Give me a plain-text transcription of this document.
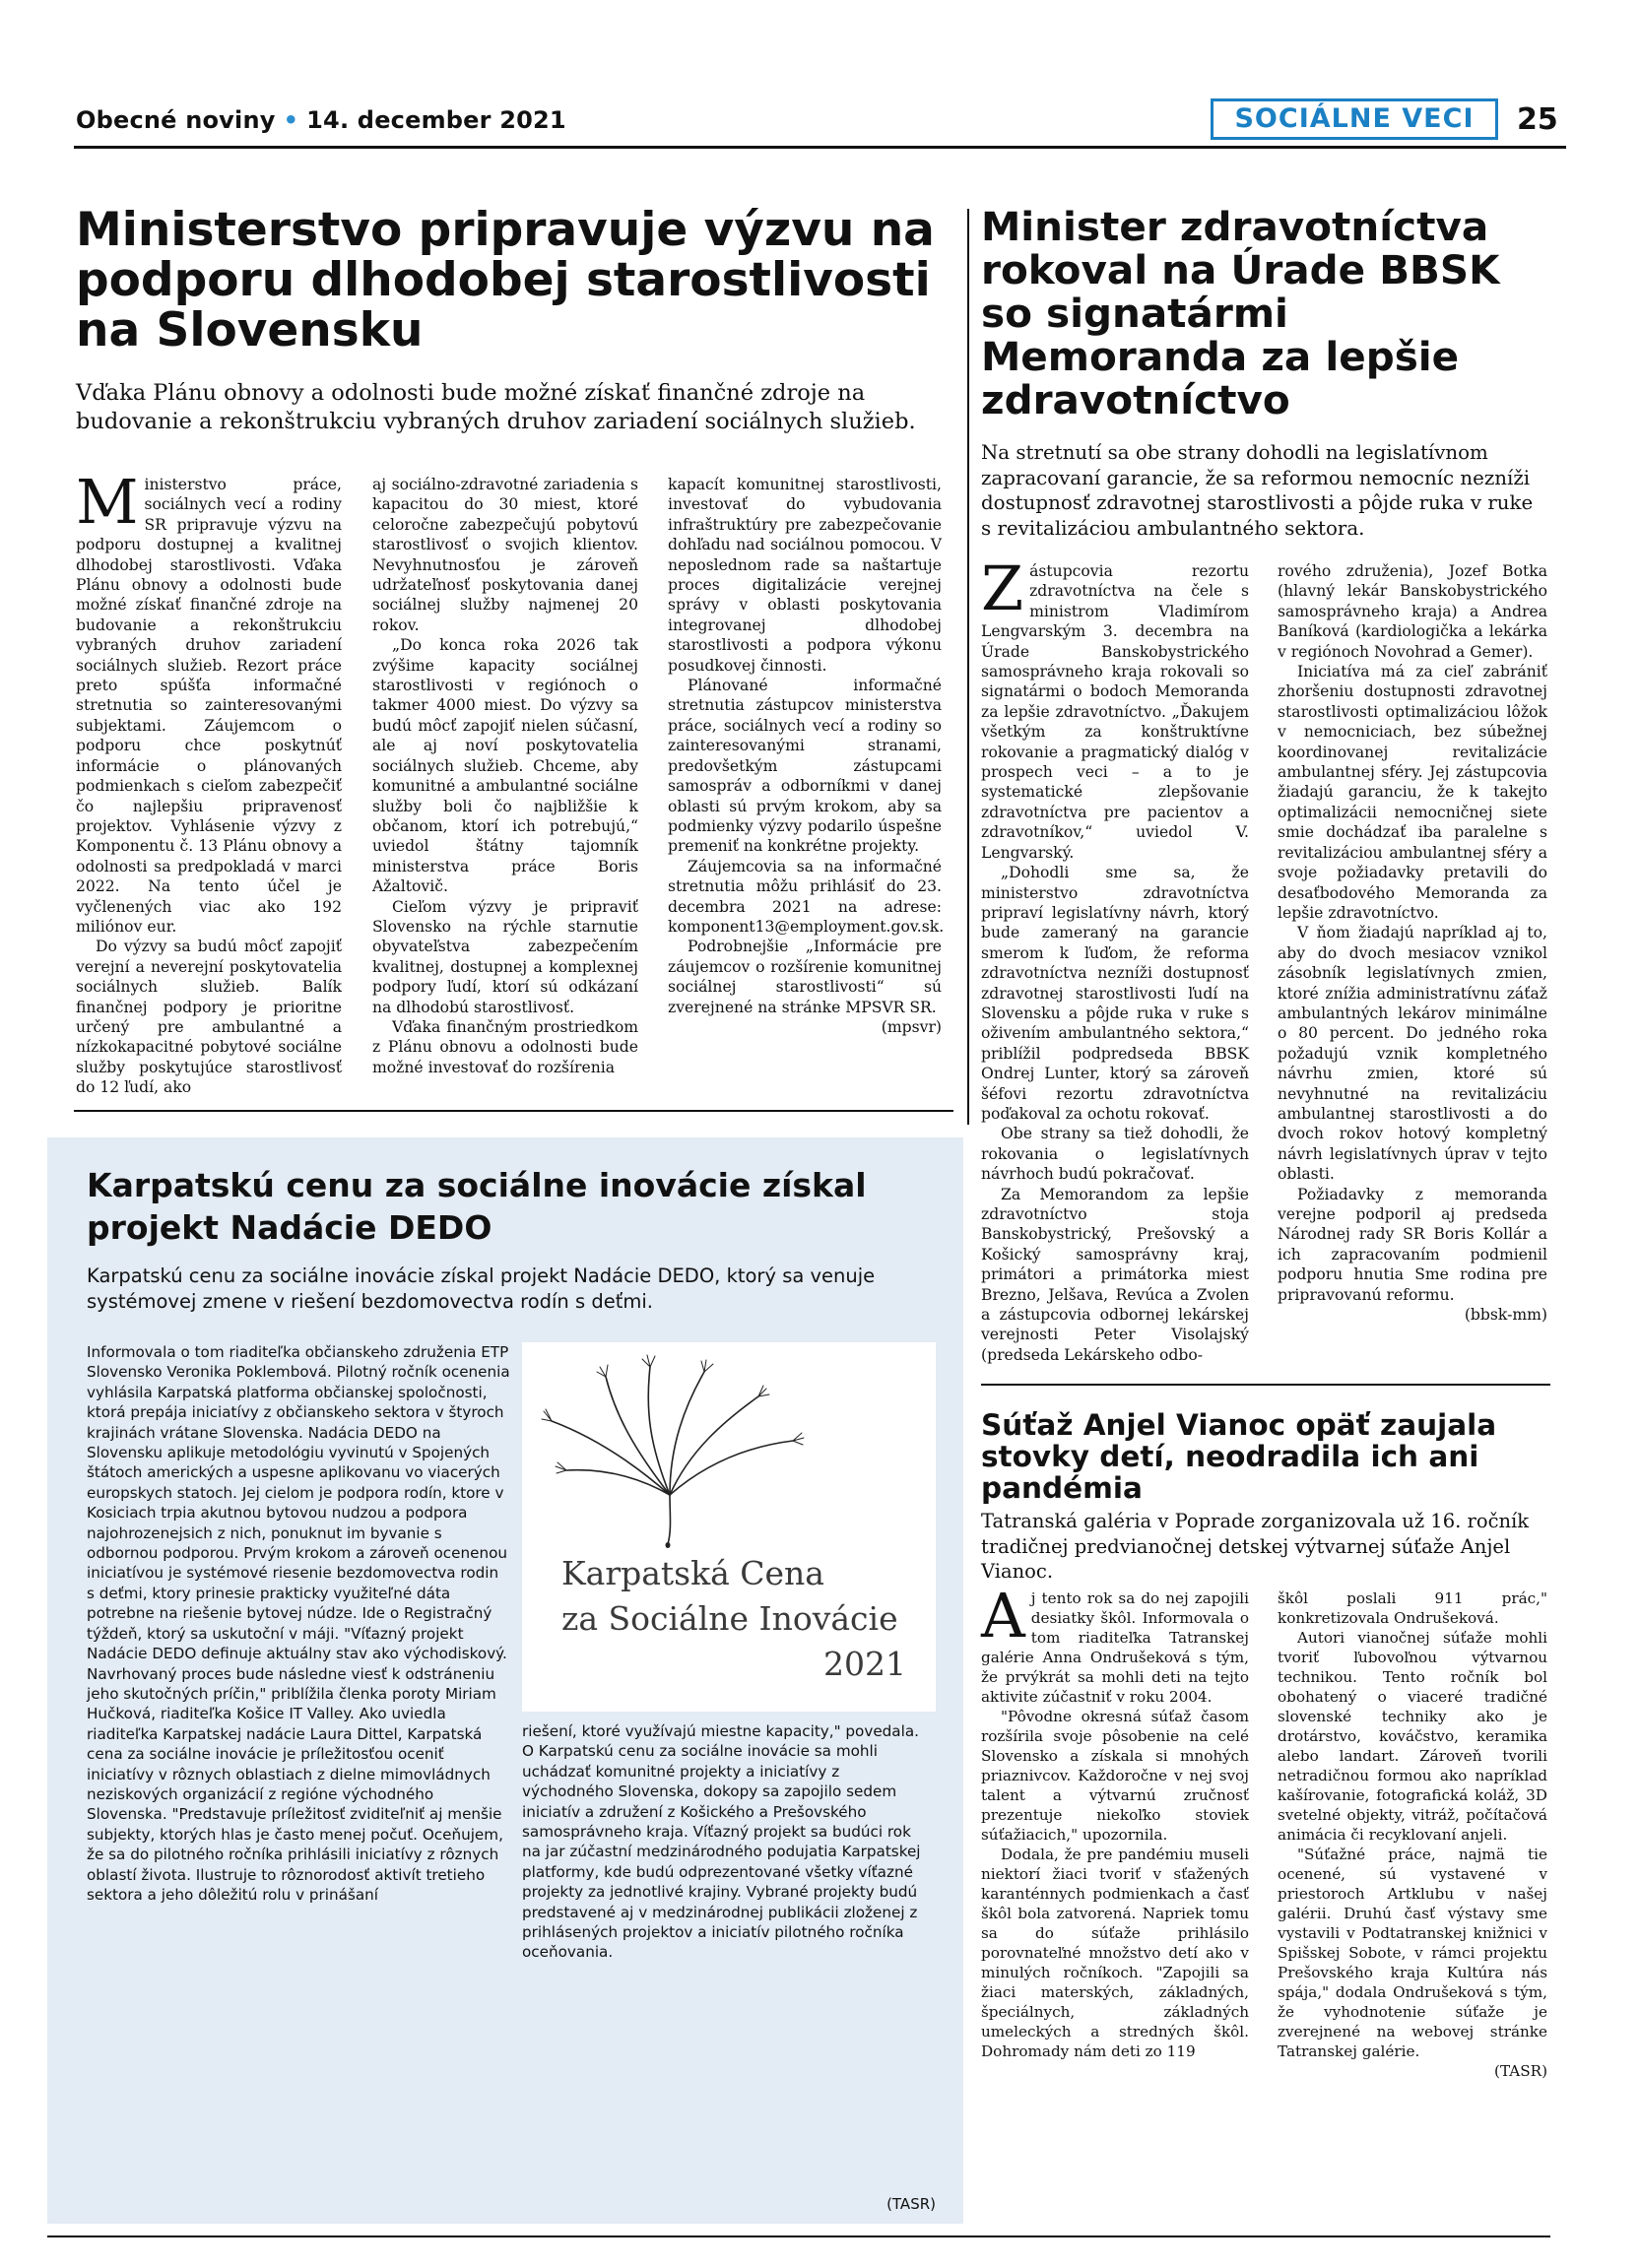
Obecné noviny • 14. december 2021	SOCIÁLNE VECI	25
Ministerstvo pripravuje výzvu na podporu dlhodobej starostlivosti na Slovensku
Vďaka Plánu obnovy a odolnosti bude možné získať finančné zdroje na budovanie a rekonštrukciu vybraných druhov zariadení sociálnych služieb.

Ministerstvo práce, sociálnych vecí a rodiny SR pripravuje výzvu na podporu dostupnej a kvalitnej dlhodobej starostlivosti. Vďaka Plánu obnovy a odolnosti bude možné získať finančné zdroje na budovanie a rekonštrukciu vybraných druhov zariadení sociálnych služieb. Rezort práce preto spúšťa informačné stretnutia so zainteresovanými subjektami. Záujemcom o podporu chce poskytnúť informácie o plánovaných podmienkach s cieľom zabezpečiť čo najlepšiu pripravenosť projektov. Vyhlásenie výzvy z Komponentu č. 13 Plánu obnovy a odolnosti sa predpokladá v marci 2022. Na tento účel je vyčlenených viac ako 192 miliónov eur.

Do výzvy sa budú môcť zapojiť verejní a neverejní poskytovatelia sociálnych služieb. Balík finančnej podpory je prioritne určený pre ambulantné a nízkokapacitné pobytové sociálne služby poskytujúce starostlivosť do 12 ľudí, ako

aj sociálno-zdravotné zariadenia s kapacitou do 30 miest, ktoré celoročne zabezpečujú pobytovú starostlivosť o svojich klientov. Nevyhnutnosťou je zároveň udržateľnosť poskytovania danej sociálnej služby najmenej 20 rokov.

„Do konca roka 2026 tak zvýšime kapacity sociálnej starostlivosti v regiónoch o takmer 4000 miest. Do výzvy sa budú môcť zapojiť nielen súčasní, ale aj noví poskytovatelia sociálnych služieb. Chceme, aby komunitné a ambulantné sociálne služby boli čo najbližšie k občanom, ktorí ich potrebujú,“ uviedol štátny tajomník ministerstva práce Boris Ažaltovič.

Cieľom výzvy je pripraviť Slovensko na rýchle starnutie obyvateľstva zabezpečením kvalitnej, dostupnej a komplexnej podpory ľudí, ktorí sú odkázaní na dlhodobú starostlivosť.

Vďaka finančným prostriedkom z Plánu obnovu a odolnosti bude možné investovať do rozšírenia

kapacít komunitnej starostlivosti, investovať do vybudovania infraštruktúry pre zabezpečovanie dohľadu nad sociálnou pomocou. V neposlednom rade sa naštartuje proces digitalizácie verejnej správy v oblasti poskytovania integrovanej dlhodobej starostlivosti a podpora výkonu posudkovej činnosti.

Plánované informačné stretnutia zástupcov ministerstva práce, sociálnych vecí a rodiny so zainteresovanými stranami, predovšetkým zástupcami samospráv a odborníkmi v danej oblasti sú prvým krokom, aby sa podmienky výzvy podarilo úspešne premeniť na konkrétne projekty.

Záujemcovia sa na informačné stretnutia môžu prihlásiť do 23. decembra 2021 na adrese: komponent13@employment.gov.sk.

Podrobnejšie „Informácie pre záujemcov o rozšírenie komunitnej sociálnej starostlivosti“ sú zverejnené na stránke MPSVR SR.

(mpsvr)

Karpatskú cenu za sociálne inovácie získal projekt Nadácie DEDO
Karpatskú cenu za sociálne inovácie získal projekt Nadácie DEDO, ktorý sa venuje systémovej zmene v riešení bezdomovectva rodín s deťmi.

Informovala o tom riaditeľka občianskeho združenia ETP Slovensko Veronika Poklembová. Pilotný ročník ocenenia vyhlásila Karpatská platforma občianskej spoločnosti, ktorá prepája iniciatívy z občianskeho sektora v štyroch krajinách vrátane Slovenska. Nadácia DEDO na Slovensku aplikuje metodológiu vyvinutú v Spojených štátoch amerických a uspesne aplikovanu vo viacerých europskych statoch. Jej cielom je podpora rodín, ktore v Kosiciach trpia akutnou bytovou nudzou a podpora najohrozenejsich z nich, ponuknut im byvanie s odbornou podporou. Prvým krokom a zároveň ocenenou iniciatívou je systémové riesenie bezdomovectva rodin s deťmi, ktory prinesie prakticky využiteľné dáta potrebne na riešenie bytovej núdze. Ide o Registračný týždeň, ktorý sa uskutoční v máji. "Víťazný projekt Nadácie DEDO definuje aktuálny stav ako východiskový. Navrhovaný proces bude následne viesť k odstráneniu jeho skutočných príčin," priblížila členka poroty Miriam Hučková, riaditeľka Košice IT Valley. Ako uviedla riaditeľka Karpatskej nadácie Laura Dittel, Karpatská cena za sociálne inovácie je príležitosťou oceniť iniciatívy v rôznych oblastiach z dielne mimovládnych neziskových organizácií z regióne východného Slovenska. "Predstavuje príležitosť zviditeľniť aj menšie subjekty, ktorých hlas je často menej počuť. Oceňujem, že sa do pilotného ročníka prihlásili iniciatívy z rôznych oblastí života. Ilustruje to rôznorodosť aktivít tretieho sektora a jeho dôležitú rolu v prinášaní

Karpatská Cena
za Sociálne Inovácie
2021

riešení, ktoré využívajú miestne kapacity," povedala.

O Karpatskú cenu za sociálne inovácie sa mohli uchádzať komunitné projekty a iniciatívy z východného Slovenska, dokopy sa zapojilo sedem iniciatív a združení z Košického a Prešovského samosprávneho kraja. Víťazný projekt sa budúci rok na jar zúčastní medzinárodného podujatia Karpatskej platformy, kde budú odprezentované všetky víťazné projekty za jednotlivé krajiny. Vybrané projekty budú predstavené aj v medzinárodnej publikácii zloženej z prihlásených projektov a iniciatív pilotného ročníka oceňovania.

(TASR)
Minister zdravotníctva rokoval na Úrade BBSK so signatármi Memoranda za lepšie zdravotníctvo
Na stretnutí sa obe strany dohodli na legislatívnom zapracovaní garancie, že sa reformou nemocníc nezníži dostupnosť zdravotnej starostlivosti a pôjde ruka v ruke s revitalizáciou ambulantného sektora.

Zástupcovia rezortu zdravotníctva na čele s ministrom Vladimírom Lengvarským 3. decembra na Úrade Banskobystrického samosprávneho kraja rokovali so signatármi o bodoch Memoranda za lepšie zdravotníctvo. „Ďakujem všetkým za konštruktívne rokovanie a pragmatický dialóg v prospech veci – a to je systematické zlepšovanie zdravotníctva pre pacientov a zdravotníkov,“ uviedol V. Lengvarský.

„Dohodli sme sa, že ministerstvo zdravotníctva pripraví legislatívny návrh, ktorý bude zameraný na garancie smerom k ľuďom, že reforma zdravotníctva nezníži dostupnosť zdravotnej starostlivosti ľudí na Slovensku a pôjde ruka v ruke s oživením ambulantného sektora,“ priblížil podpredseda BBSK Ondrej Lunter, ktorý sa zároveň šéfovi rezortu zdravotníctva poďakoval za ochotu rokovať.

Obe strany sa tiež dohodli, že rokovania o legislatívnych návrhoch budú pokračovať.

Za Memorandom za lepšie zdravotníctvo stoja Banskobystrický, Prešovský a Košický samosprávny kraj, primátori a primátorka miest Brezno, Jelšava, Revúca a Zvolen a zástupcovia odbornej lekárskej verejnosti Peter Visolajský (predseda Lekárskeho odbo-

rového združenia), Jozef Botka (hlavný lekár Banskobystrického samosprávneho kraja) a Andrea Baníková (kardiologička a lekárka v regiónoch Novohrad a Gemer).

Iniciatíva má za cieľ zabrániť zhoršeniu dostupnosti zdravotnej starostlivosti optimalizáciou lôžok v nemocniciach, bez súbežnej koordinovanej revitalizácie ambulantnej sféry. Jej zástupcovia žiadajú garanciu, že k takejto optimalizácii nemocničnej siete smie dochádzať iba paralelne s revitalizáciou ambulantnej sféry a svoje požiadavky pretavili do desaťbodového Memoranda za lepšie zdravotníctvo.

V ňom žiadajú napríklad aj to, aby do dvoch mesiacov vznikol zásobník legislatívnych zmien, ktoré znížia administratívnu záťaž ambulantných lekárov minimálne o 80 percent. Do jedného roka požadujú vznik kompletného návrhu zmien, ktoré sú nevyhnutné na revitalizáciu ambulantnej starostlivosti a do dvoch rokov hotový kompletný návrh legislatívnych úprav v tejto oblasti.

Požiadavky z memoranda verejne podporil aj predseda Národnej rady SR Boris Kollár a ich zapracovaním podmienil podporu hnutia Sme rodina pre pripravovanú reformu.

(bbsk-mm)

Súťaž Anjel Vianoc opäť zaujala stovky detí, neodradila ich ani pandémia
Tatranská galéria v Poprade zorganizovala už 16. ročník tradičnej predvianočnej detskej výtvarnej súťaže Anjel Vianoc.

Aj tento rok sa do nej zapojili desiatky škôl. Informovala o tom riaditeľka Tatranskej galérie Anna Ondrušeková s tým, že prvýkrát sa mohli deti na tejto aktivite zúčastniť v roku 2004.

"Pôvodne okresná súťaž časom rozšírila svoje pôsobenie na celé Slovensko a získala si mnohých priaznivcov. Každoročne v nej svoj talent a výtvarnú zručnosť prezentuje niekoľko stoviek súťažiacich," upozornila.

Dodala, že pre pandémiu museli niektorí žiaci tvoriť v sťažených karanténnych podmienkach a časť škôl bola zatvorená. Napriek tomu sa do súťaže prihlásilo porovnateľné množstvo detí ako v minulých ročníkoch. "Zapojili sa žiaci materských, základných, špeciálnych, základných umeleckých a stredných škôl. Dohromady nám deti zo 119

škôl poslali 911 prác," konkretizovala Ondrušeková.

Autori vianočnej súťaže mohli tvoriť ľubovoľnou výtvarnou technikou. Tento ročník bol obohatený o viaceré tradičné slovenské techniky ako je drotárstvo, kováčstvo, keramika alebo landart. Zároveň tvorili netradičnou formou ako napríklad kašírovanie, fotografická koláž, 3D svetelné objekty, vitráž, počítačová animácia či recyklovaní anjeli.

"Súťažné práce, najmä tie ocenené, sú vystavené v priestoroch Artklubu v našej galérii. Druhú časť výstavy sme vystavili v Podtatranskej knižnici v Spišskej Sobote, v rámci projektu Prešovského kraja Kultúra nás spája," dodala Ondrušeková s tým, že vyhodnotenie súťaže je zverejnené na webovej stránke Tatranskej galérie.

(TASR)
